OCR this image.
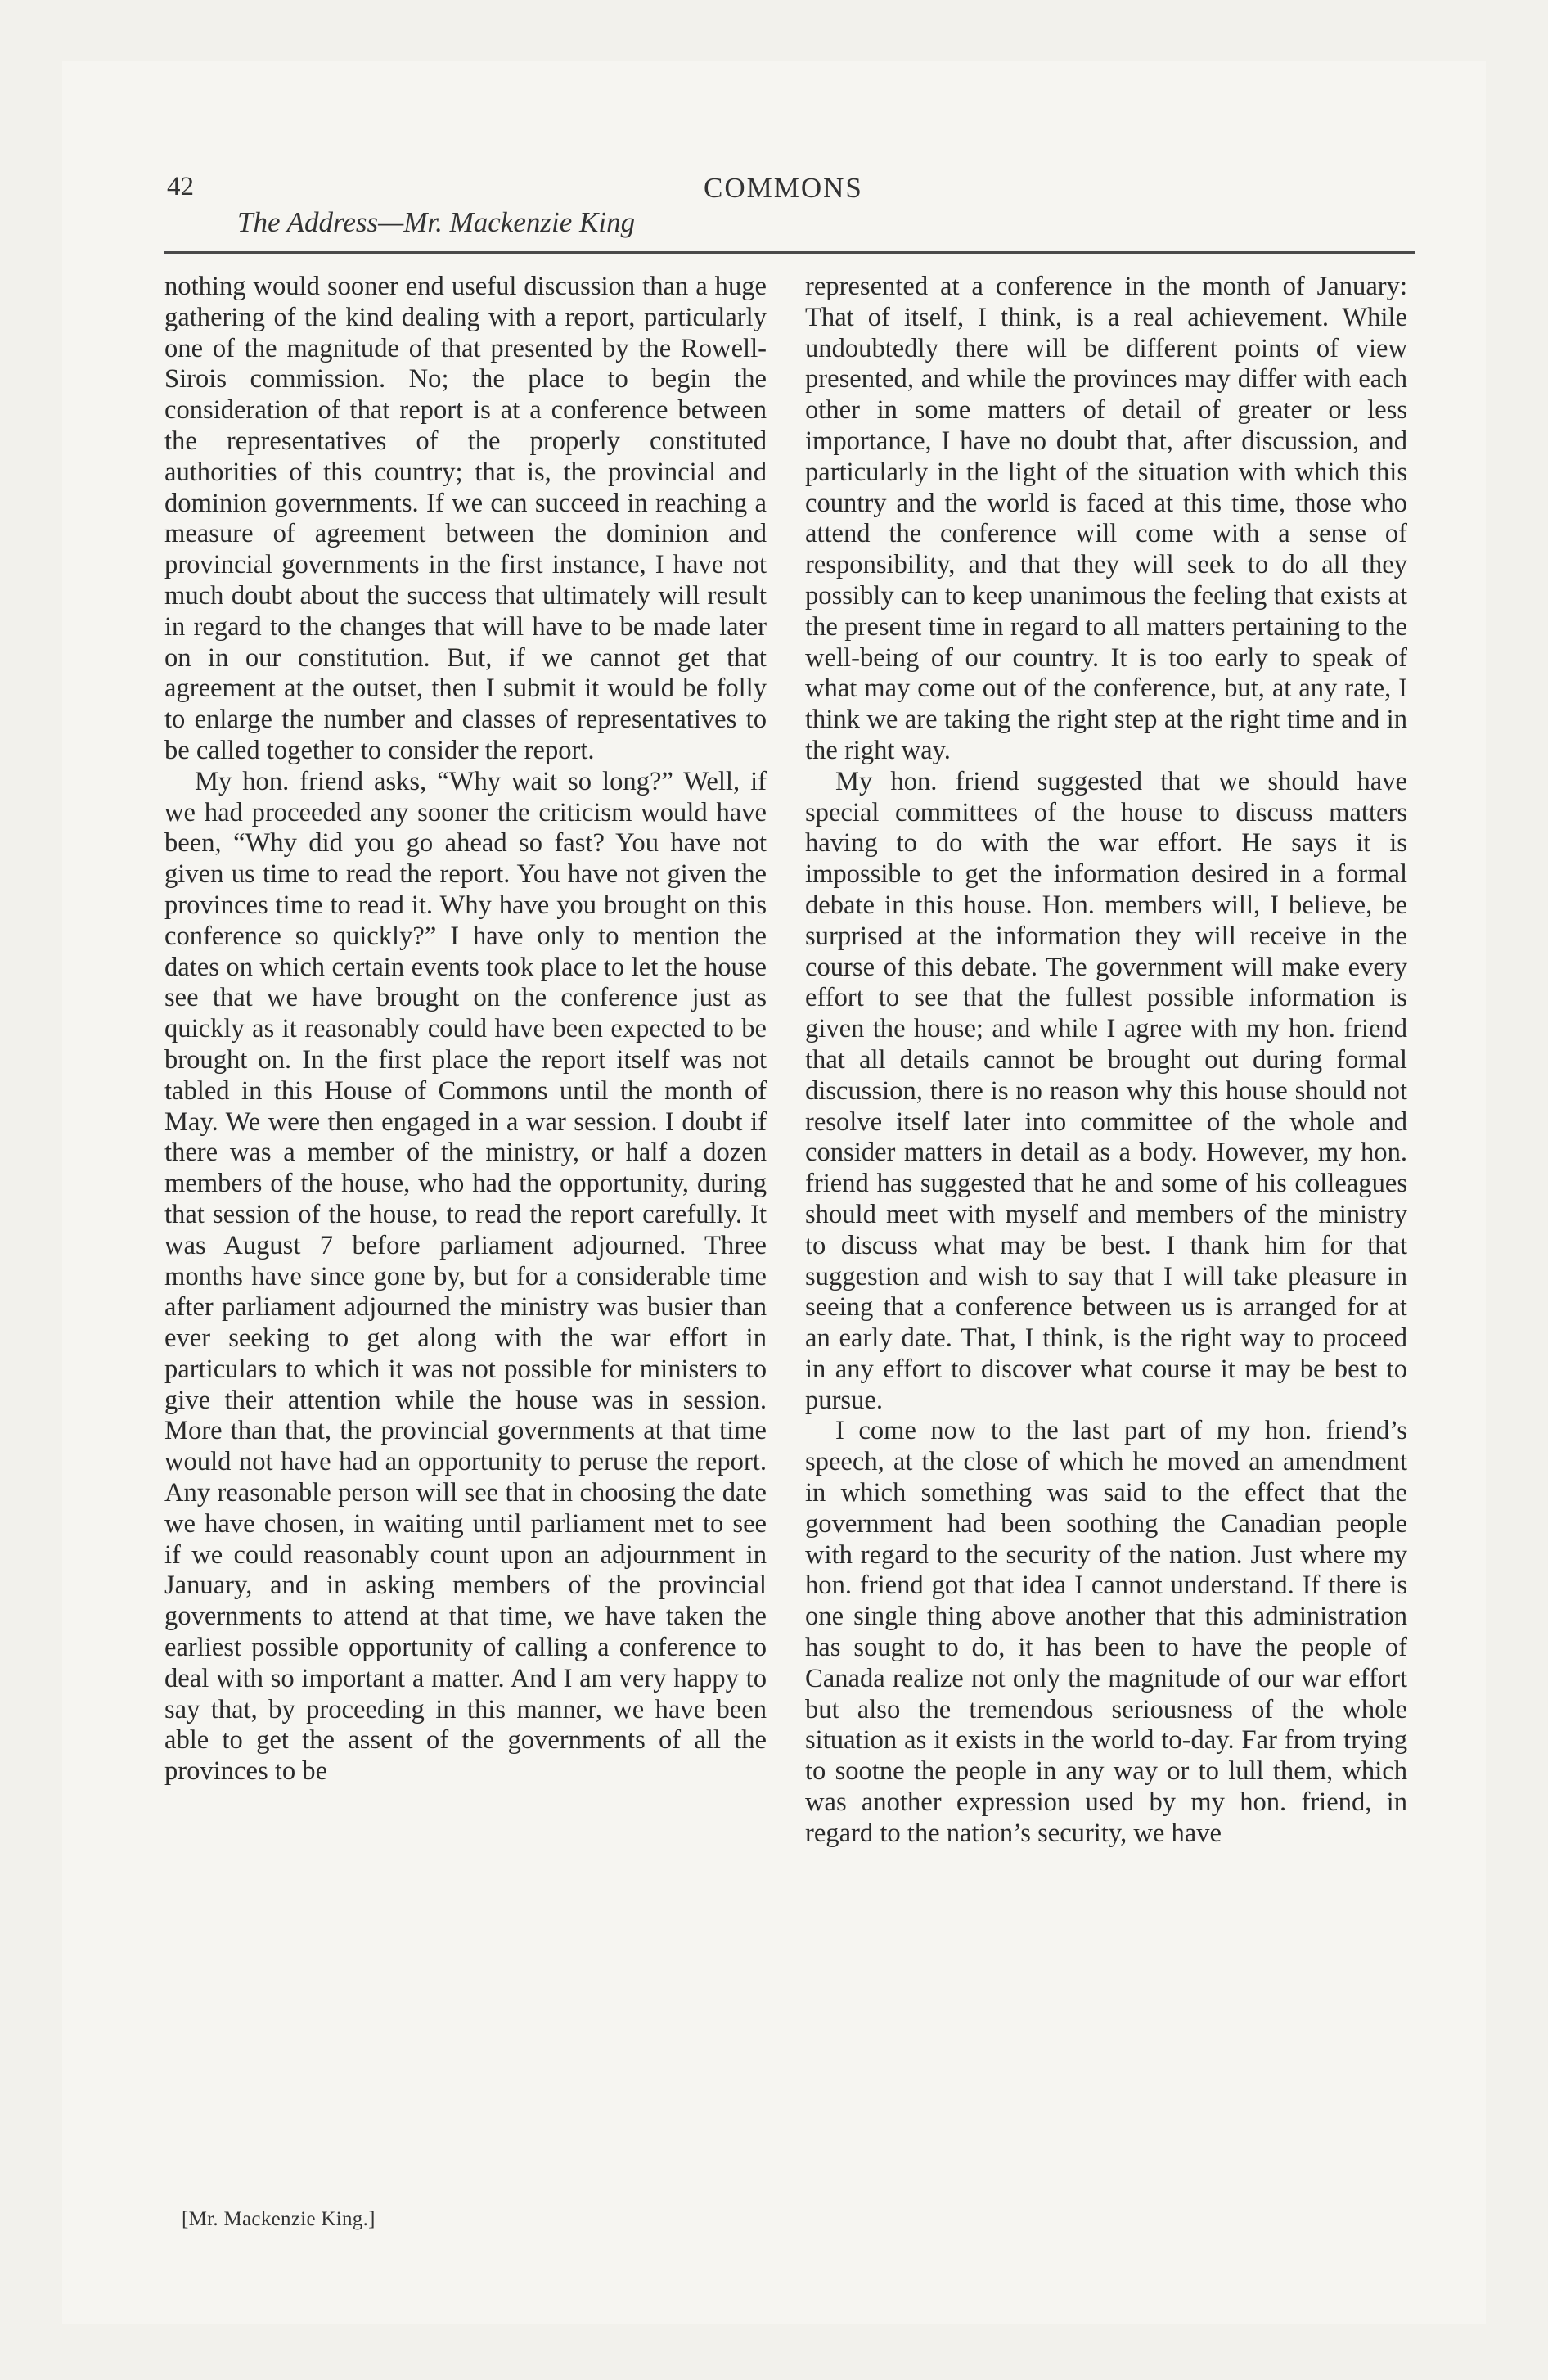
42	COMMONS
The Address—Mr. Mackenzie King

nothing would sooner end useful discussion than a huge gathering of the kind dealing with a report, particularly one of the magnitude of that presented by the Rowell-Sirois commission. No; the place to begin the consideration of that report is at a conference between the representatives of the properly constituted authorities of this country; that is, the provincial and dominion governments. If we can succeed in reaching a measure of agreement between the dominion and provincial governments in the first instance, I have not much doubt about the success that ultimately will result in regard to the changes that will have to be made later on in our constitution. But, if we cannot get that agreement at the outset, then I submit it would be folly to enlarge the number and classes of representatives to be called together to consider the report.

My hon. friend asks, “Why wait so long?” Well, if we had proceeded any sooner the criticism would have been, “Why did you go ahead so fast? You have not given us time to read the report. You have not given the provinces time to read it. Why have you brought on this conference so quickly?” I have only to mention the dates on which certain events took place to let the house see that we have brought on the conference just as quickly as it reasonably could have been expected to be brought on. In the first place the report itself was not tabled in this House of Commons until the month of May. We were then engaged in a war session. I doubt if there was a member of the ministry, or half a dozen members of the house, who had the opportunity, during that session of the house, to read the report carefully. It was August 7 before parliament adjourned. Three months have since gone by, but for a considerable time after parliament adjourned the ministry was busier than ever seeking to get along with the war effort in particulars to which it was not possible for ministers to give their attention while the house was in session. More than that, the provincial governments at that time would not have had an opportunity to peruse the report. Any reasonable person will see that in choosing the date we have chosen, in waiting until parliament met to see if we could reasonably count upon an adjournment in January, and in asking members of the provincial governments to attend at that time, we have taken the earliest possible opportunity of calling a conference to deal with so important a matter. And I am very happy to say that, by proceeding in this manner, we have been able to get the assent of the governments of all the provinces to be

represented at a conference in the month of January: That of itself, I think, is a real achievement. While undoubtedly there will be different points of view presented, and while the provinces may differ with each other in some matters of detail of greater or less importance, I have no doubt that, after discussion, and particularly in the light of the situation with which this country and the world is faced at this time, those who attend the conference will come with a sense of responsibility, and that they will seek to do all they possibly can to keep unanimous the feeling that exists at the present time in regard to all matters pertaining to the well-being of our country. It is too early to speak of what may come out of the conference, but, at any rate, I think we are taking the right step at the right time and in the right way.

My hon. friend suggested that we should have special committees of the house to discuss matters having to do with the war effort. He says it is impossible to get the information desired in a formal debate in this house. Hon. members will, I believe, be surprised at the information they will receive in the course of this debate. The government will make every effort to see that the fullest possible information is given the house; and while I agree with my hon. friend that all details cannot be brought out during formal discussion, there is no reason why this house should not resolve itself later into committee of the whole and consider matters in detail as a body. However, my hon. friend has suggested that he and some of his colleagues should meet with myself and members of the ministry to discuss what may be best. I thank him for that suggestion and wish to say that I will take pleasure in seeing that a conference between us is arranged for at an early date. That, I think, is the right way to proceed in any effort to discover what course it may be best to pursue.

I come now to the last part of my hon. friend’s speech, at the close of which he moved an amendment in which something was said to the effect that the government had been soothing the Canadian people with regard to the security of the nation. Just where my hon. friend got that idea I cannot understand. If there is one single thing above another that this administration has sought to do, it has been to have the people of Canada realize not only the magnitude of our war effort but also the tremendous seriousness of the whole situation as it exists in the world to-day. Far from trying to sootne the people in any way or to lull them, which was another expression used by my hon. friend, in regard to the nation’s security, we have

[Mr. Mackenzie King.]
